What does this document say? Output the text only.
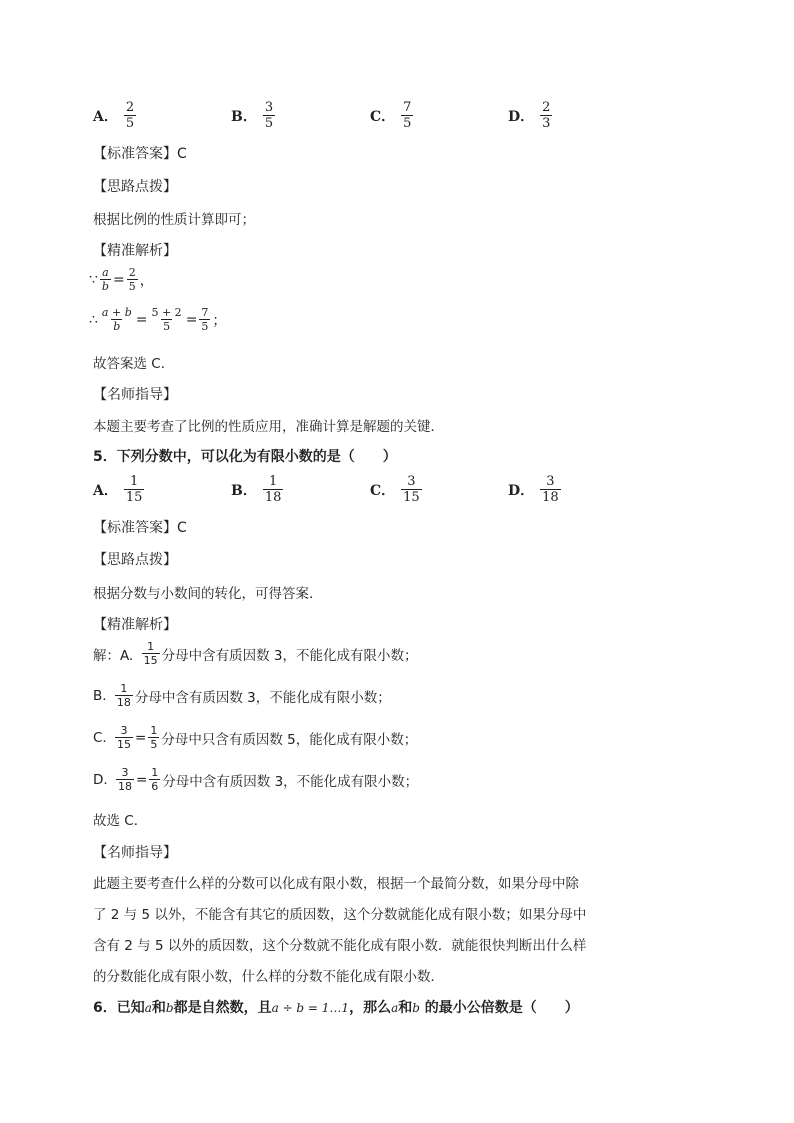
A． $\frac{2}{5}$	B． $\frac{3}{5}$	C． $\frac{7}{5}$	D． $\frac{2}{3}$
【标准答案】C
【思路点拨】
根据比例的性质计算即可；
【精准解析】
∵ $\frac{a}{b} = \frac{2}{5}$ ，
∴ $\frac{a + b}{b} = \frac{5 + 2}{5} = \frac{7}{5}$ ；
故答案选 C．
【名师指导】
本题主要考查了比例的性质应用，准确计算是解题的关键．
5．下列分数中，可以化为有限小数的是（　　）
A． $\frac{1}{15}$	B． $\frac{1}{18}$	C． $\frac{3}{15}$	D． $\frac{3}{18}$
【标准答案】C
【思路点拨】
根据分数与小数间的转化，可得答案．
【精准解析】
解：A.
$\frac{1}{15}$ 分母中含有质因数 3，不能化成有限小数；
B.
$\frac{1}{18}$ 分母中含有质因数 3，不能化成有限小数；
C.
$\frac{3}{15} = \frac{1}{5}$ 分母中只含有质因数 5，能化成有限小数；
D.
$\frac{3}{18} = \frac{1}{6}$ 分母中含有质因数 3，不能化成有限小数；
故选 C．
【名师指导】
此题主要考查什么样的分数可以化成有限小数，根据一个最简分数，如果分母中除
了 2 与 5 以外，不能含有其它的质因数，这个分数就能化成有限小数；如果分母中
含有 2 与 5 以外的质因数，这个分数就不能化成有限小数．就能很快判断出什么样
的分数能化成有限小数，什么样的分数不能化成有限小数．
6．已知a和b都是自然数，且a ÷ b = 1…1，那么a和b 的最小公倍数是（　　）
